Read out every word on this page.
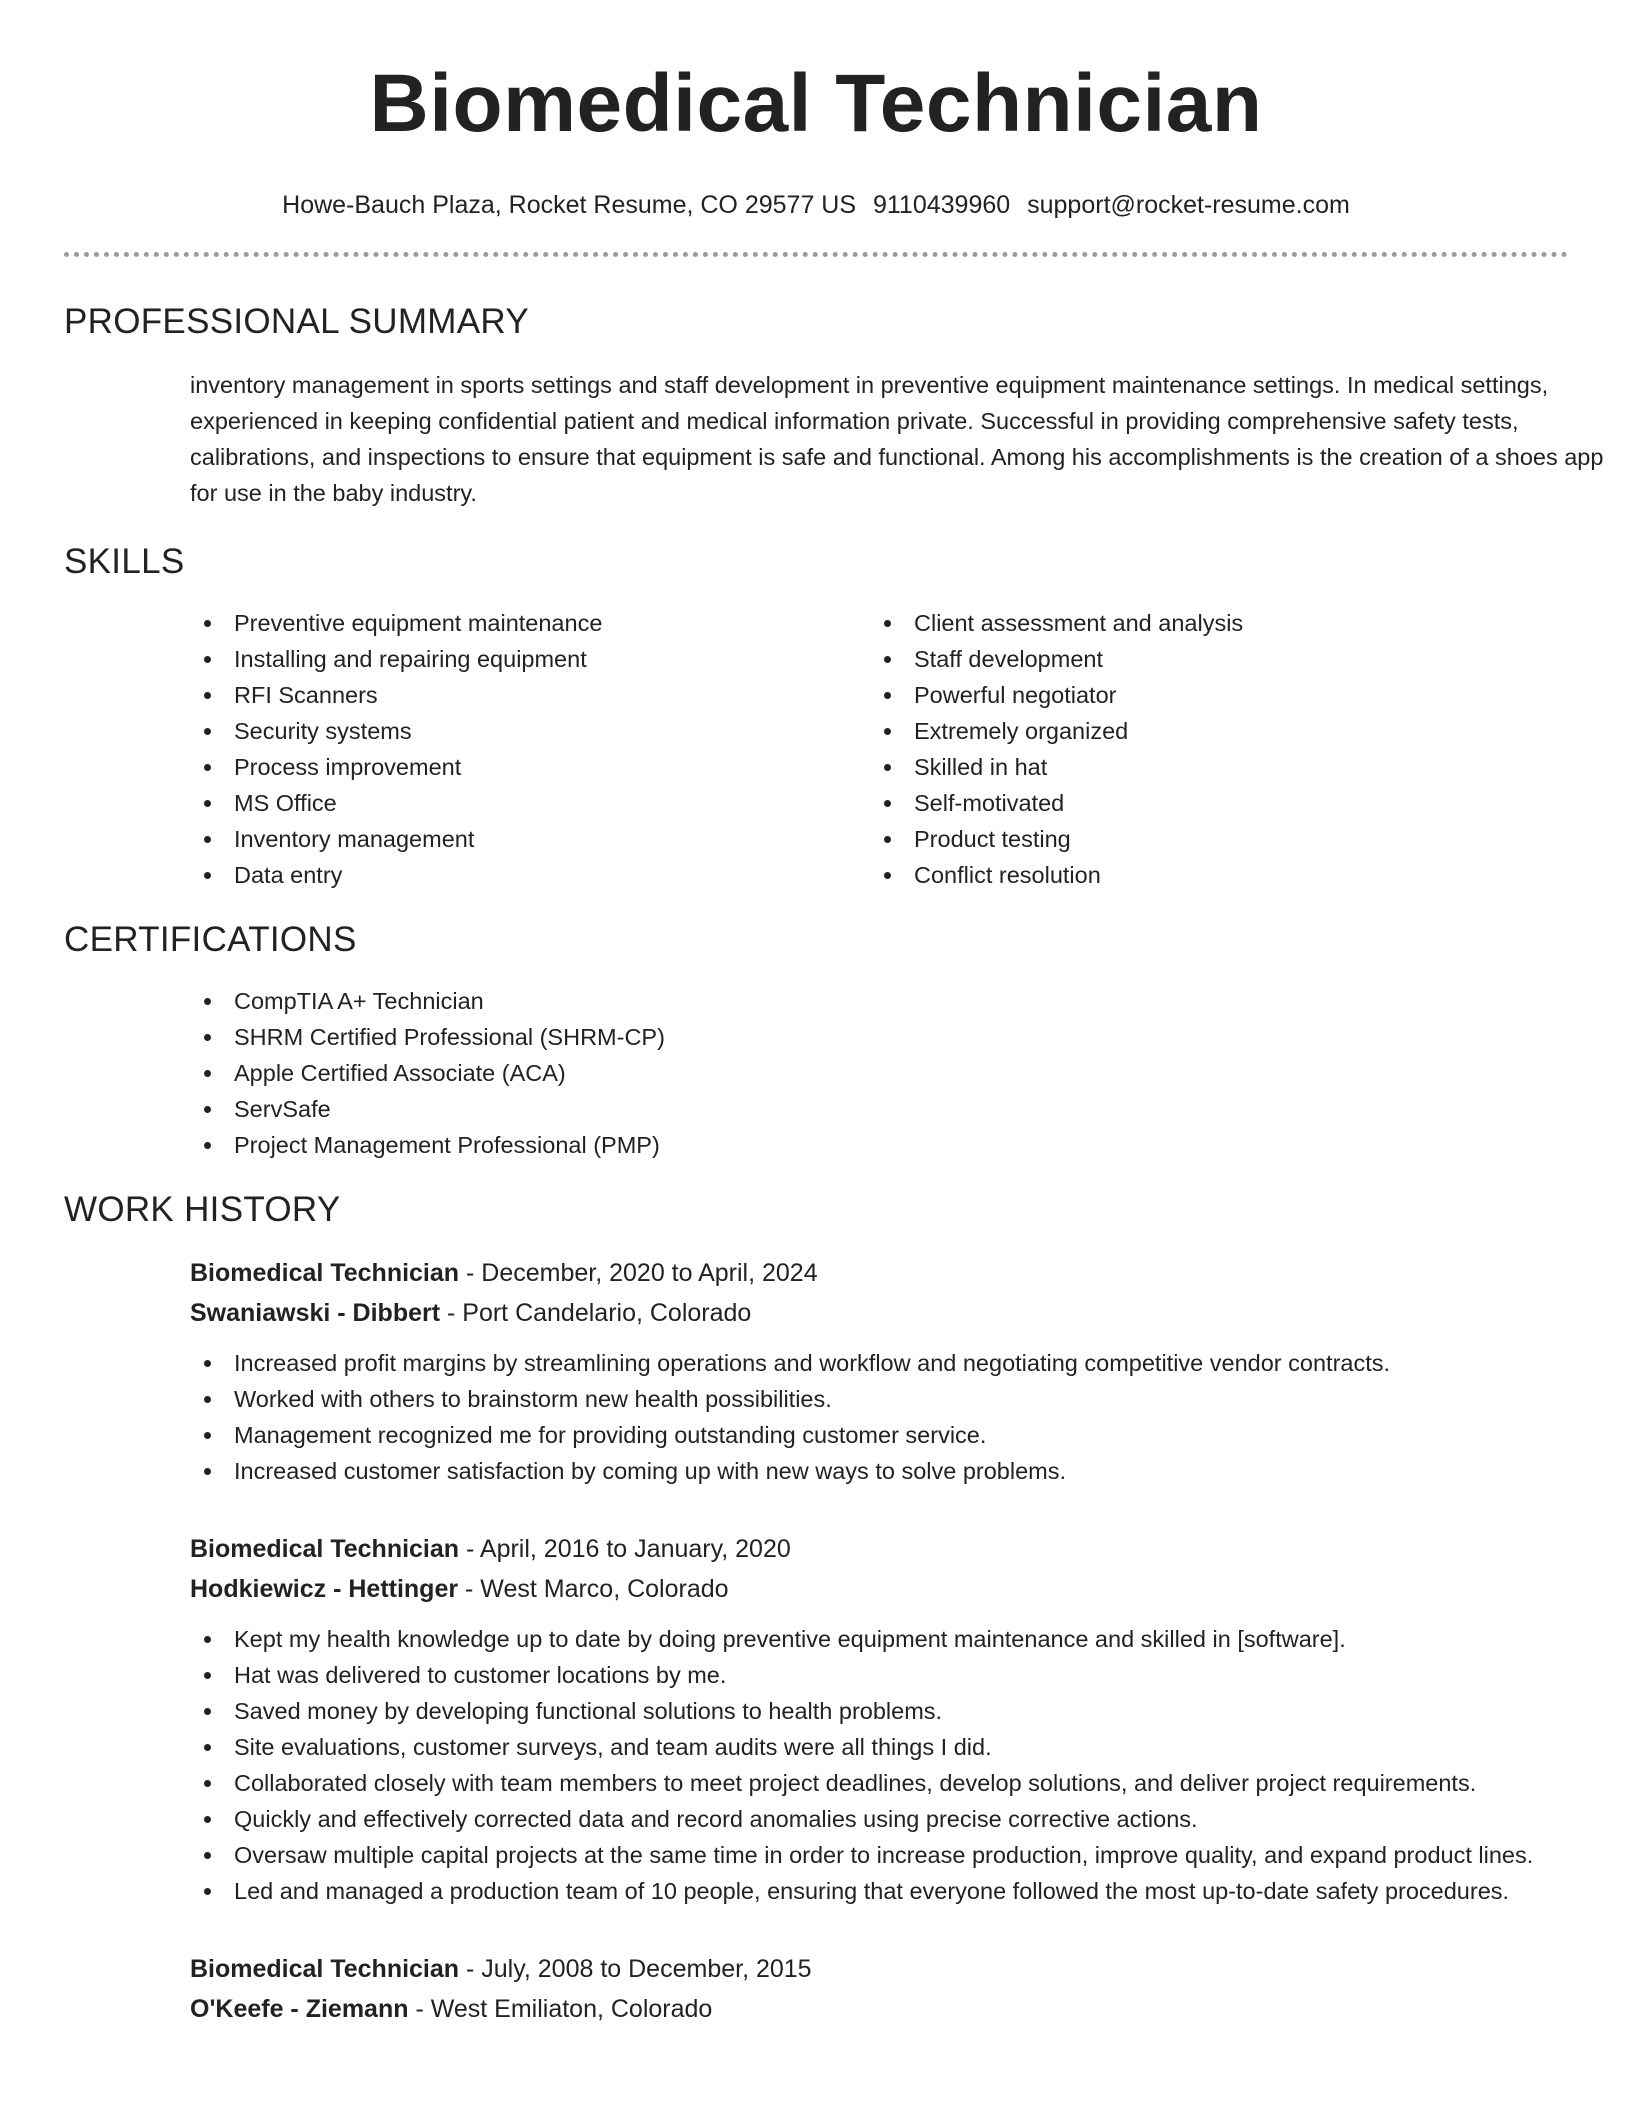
Biomedical Technician
Howe-Bauch Plaza, Rocket Resume, CO 29577 US 9110439960 support@rocket-resume.com
PROFESSIONAL SUMMARY
inventory management in sports settings and staff development in preventive equipment maintenance settings. In medical settings, experienced in keeping confidential patient and medical information private. Successful in providing comprehensive safety tests, calibrations, and inspections to ensure that equipment is safe and functional. Among his accomplishments is the creation of a shoes app for use in the baby industry.
SKILLS
Preventive equipment maintenance
Installing and repairing equipment
RFI Scanners
Security systems
Process improvement
MS Office
Inventory management
Data entry
Client assessment and analysis
Staff development
Powerful negotiator
Extremely organized
Skilled in hat
Self-motivated
Product testing
Conflict resolution
CERTIFICATIONS
CompTIA A+ Technician
SHRM Certified Professional (SHRM-CP)
Apple Certified Associate (ACA)
ServSafe
Project Management Professional (PMP)
WORK HISTORY
Biomedical Technician - December, 2020 to April, 2024
Swaniawski - Dibbert - Port Candelario, Colorado
Increased profit margins by streamlining operations and workflow and negotiating competitive vendor contracts.
Worked with others to brainstorm new health possibilities.
Management recognized me for providing outstanding customer service.
Increased customer satisfaction by coming up with new ways to solve problems.
Biomedical Technician - April, 2016 to January, 2020
Hodkiewicz - Hettinger - West Marco, Colorado
Kept my health knowledge up to date by doing preventive equipment maintenance and skilled in [software].
Hat was delivered to customer locations by me.
Saved money by developing functional solutions to health problems.
Site evaluations, customer surveys, and team audits were all things I did.
Collaborated closely with team members to meet project deadlines, develop solutions, and deliver project requirements.
Quickly and effectively corrected data and record anomalies using precise corrective actions.
Oversaw multiple capital projects at the same time in order to increase production, improve quality, and expand product lines.
Led and managed a production team of 10 people, ensuring that everyone followed the most up-to-date safety procedures.
Biomedical Technician - July, 2008 to December, 2015
O'Keefe - Ziemann - West Emiliaton, Colorado
